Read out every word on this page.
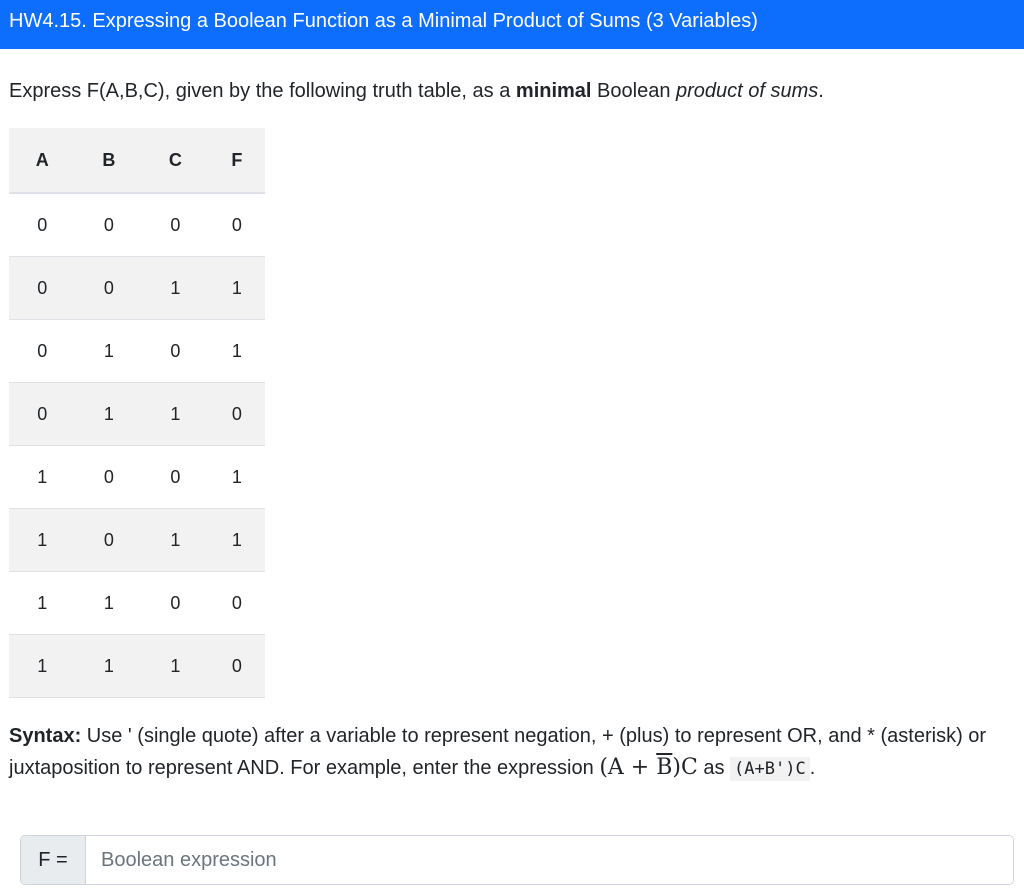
HW4.15. Expressing a Boolean Function as a Minimal Product of Sums (3 Variables)
Express F(A,B,C), given by the following truth table, as a minimal Boolean product of sums.
A	B	C	F
0	0	0	0
0	0	1	1
0	1	0	1
0	1	1	0
1	0	0	1
1	0	1	1
1	1	0	0
1	1	1	0
Syntax: Use ' (single quote) after a variable to represent negation, + (plus) to represent OR, and * (asterisk) or juxtaposition to represent AND. For example, enter the expression $(A + \overline{B})C$ as (A+B')C .
F =
Boolean expression
